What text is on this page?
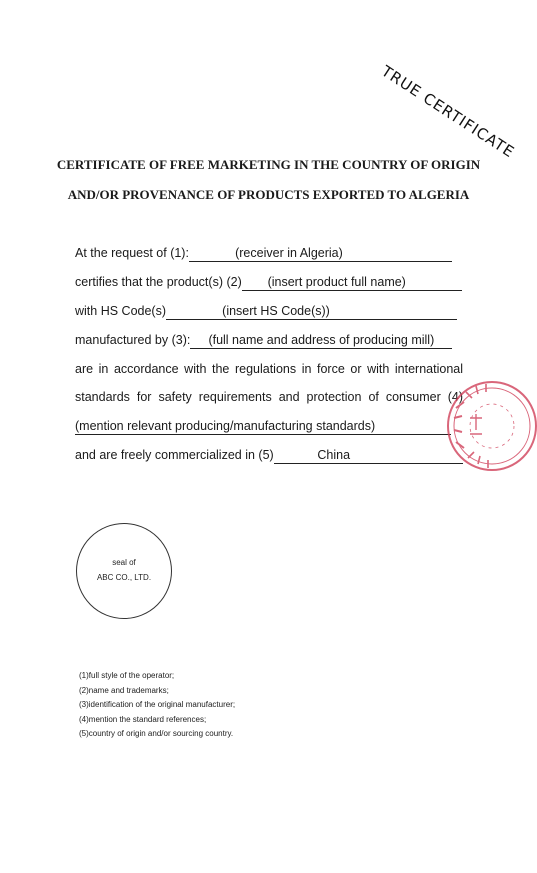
TRUE CERTIFICATE
CERTIFICATE OF FREE MARKETING IN THE COUNTRY OF ORIGIN
AND/OR PROVENANCE OF PRODUCTS EXPORTED TO ALGERIA
At the request of (1):	(receiver in Algeria)
certifies that the product(s) (2) (insert product full name)
with HS Code(s)	(insert HS Code(s))
manufactured by (3): (full name and address of producing mill)
are in accordance with the regulations in force or with international
standards for safety requirements and protection of consumer (4)
(mention relevant producing/manufacturing standards)
and are freely commercialized in (5)	China
seal of
ABC CO., LTD.
(1)full style of the operator;
(2)name and trademarks;
(3)identification of the original manufacturer;
(4)mention the standard references;
(5)country of origin and/or sourcing country.
